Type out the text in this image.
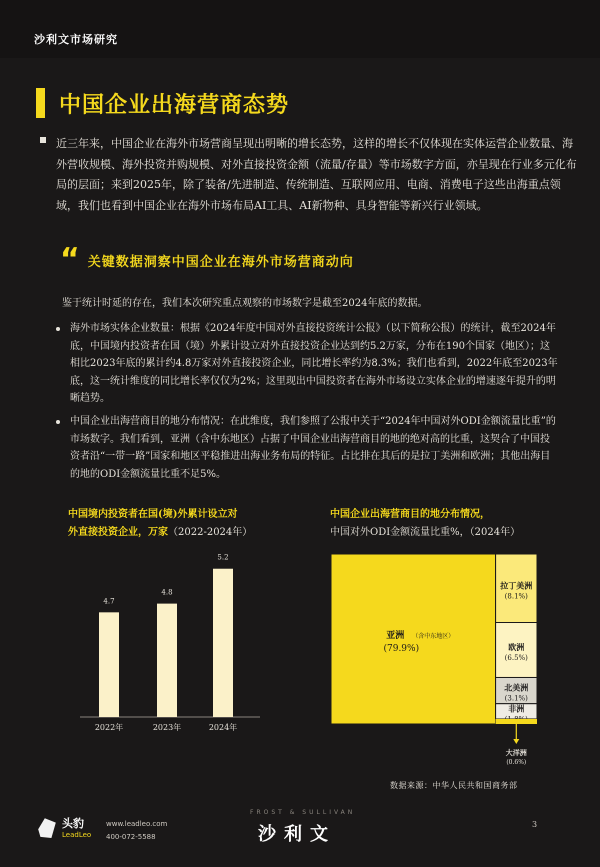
沙利文市场研究
中国企业出海营商态势
近三年来，中国企业在海外市场营商呈现出明晰的增长态势，这样的增长不仅体现在实体运营企业数量、海外营收规模、海外投资并购规模、对外直接投资金额（流量/存量）等市场数字方面，亦呈现在行业多元化布局的层面；来到2025年，除了装备/先进制造、传统制造、互联网应用、电商、消费电子这些出海重点领域，我们也看到中国企业在海外市场布局AI工具、AI新物种、具身智能等新兴行业领域。
“ 关键数据洞察中国企业在海外市场营商动向
鉴于统计时延的存在，我们本次研究重点观察的市场数字是截至2024年底的数据。
海外市场实体企业数量：根据《2024年度中国对外直接投资统计公报》（以下简称公报）的统计，截至2024年底，中国境内投资者在国（境）外累计设立对外直接投资企业达到约5.2万家，分布在190个国家（地区）；这相比2023年底的累计约4.8万家对外直接投资企业，同比增长率约为8.3%；我们也看到，2022年底至2023年底，这一统计维度的同比增长率仅仅为2%；这里现出中国投资者在海外市场设立实体企业的增速逐年提升的明晰趋势。
中国企业出海营商目的地分布情况：在此维度，我们参照了公报中关于“2024年中国对外ODI金额流量比重”的市场数字。我们看到，亚洲（含中东地区）占据了中国企业出海营商目的地的绝对高的比重，这契合了中国投资者沿“一带一路”国家和地区平稳推进出海业务布局的特征。占比排在其后的是拉丁美洲和欧洲；其他出海目的地的ODI金额流量比重不足5%。
中国境内投资者在国(境)外累计设立对
外直接投资企业，万家（2022-2024年）
4.7
2022年
4.8
2023年
5.2
2024年
中国企业出海营商目的地分布情况，
中国对外ODI金额流量比重%，（2024年）
亚洲 （含中东地区）
(79.9%)
拉丁美洲
(8.1%)
欧洲
(6.5%)
北美洲
(3.1%)
非洲
大洋洲
(0.6%)
数据来源：中华人民共和国商务部
头豹
LeadLeo
www.leadleo.com
400-072-5588
FROST & SULLIVAN
沙利文	3
